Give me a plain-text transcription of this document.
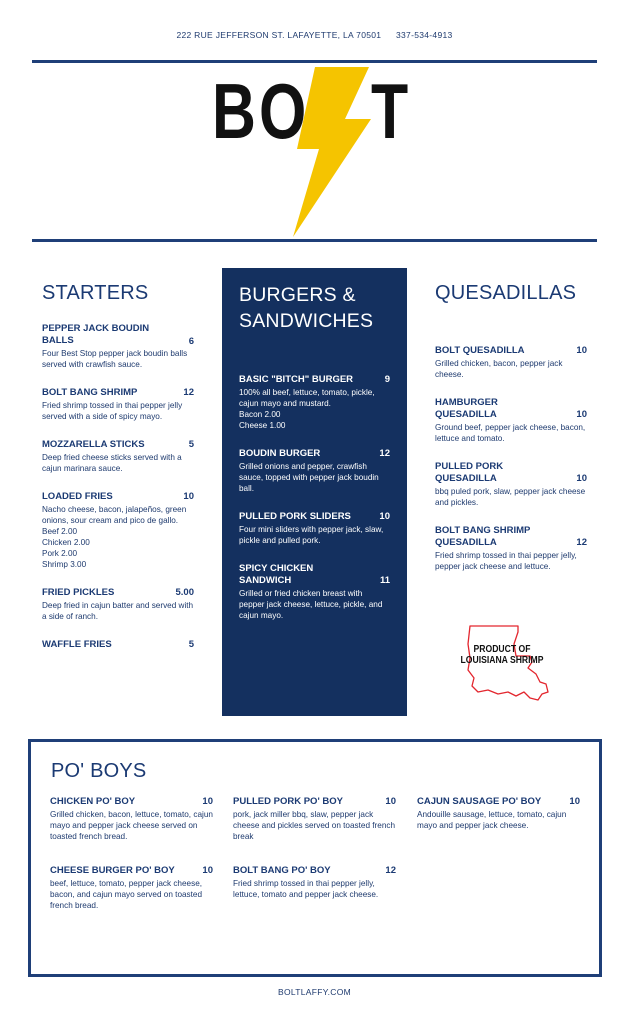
222 RUE JEFFERSON ST. LAFAYETTE, LA 70501 337-534-4913
B O T
STARTERS
PEPPER JACK BOUDIN BALLS	6
Four Best Stop pepper jack boudin balls served with crawfish sauce.
BOLT BANG SHRIMP	12
Fried shrimp tossed in thai pepper jelly served with a side of spicy mayo.
MOZZARELLA STICKS	5
Deep fried cheese sticks served with a cajun marinara sauce.
LOADED FRIES	10
Nacho cheese, bacon, jalapeños, green onions, sour cream and pico de gallo.
Beef 2.00
Chicken 2.00
Pork 2.00
Shrimp 3.00
FRIED PICKLES	5.00
Deep fried in cajun batter and served with a side of ranch.
WAFFLE FRIES	5
BURGERS &
SANDWICHES
BASIC "BITCH" BURGER	9
100% all beef, lettuce, tomato, pickle, cajun mayo and mustard.
Bacon 2.00
Cheese 1.00
BOUDIN BURGER	12
Grilled onions and pepper, crawfish sauce, topped with pepper jack boudin ball.
PULLED PORK SLIDERS	10
Four mini sliders with pepper jack, slaw, pickle and pulled pork.
SPICY CHICKEN SANDWICH	11
Grilled or fried chicken breast with pepper jack cheese, lettuce, pickle, and cajun mayo.
QUESADILLAS
BOLT QUESADILLA	10
Grilled chicken, bacon, pepper jack cheese.
HAMBURGER QUESADILLA	10
Ground beef, pepper jack cheese, bacon, lettuce and tomato.
PULLED PORK QUESADILLA	10
bbq puled pork, slaw, pepper jack cheese and pickles.
BOLT BANG SHRIMP QUESADILLA	12
Fried shrimp tossed in thai pepper jelly, pepper jack cheese and lettuce.
PRODUCT OF
LOUISIANA SHRIMP
PO' BOYS
CHICKEN PO' BOY	10
Grilled chicken, bacon, lettuce, tomato, cajun mayo and pepper jack cheese served on toasted french bread.
PULLED PORK PO' BOY	10
pork, jack miller bbq, slaw, pepper jack cheese and pickles served on toasted french break
CAJUN SAUSAGE PO' BOY	10
Andouille sausage, lettuce, tomato, cajun mayo and pepper jack cheese.
CHEESE BURGER PO' BOY	10
beef, lettuce, tomato, pepper jack cheese, bacon, and cajun mayo served on toasted french bread.
BOLT BANG PO' BOY	12
Fried shrimp tossed in thai pepper jelly, lettuce, tomato and pepper jack cheese.
BOLTLAFFY.COM
